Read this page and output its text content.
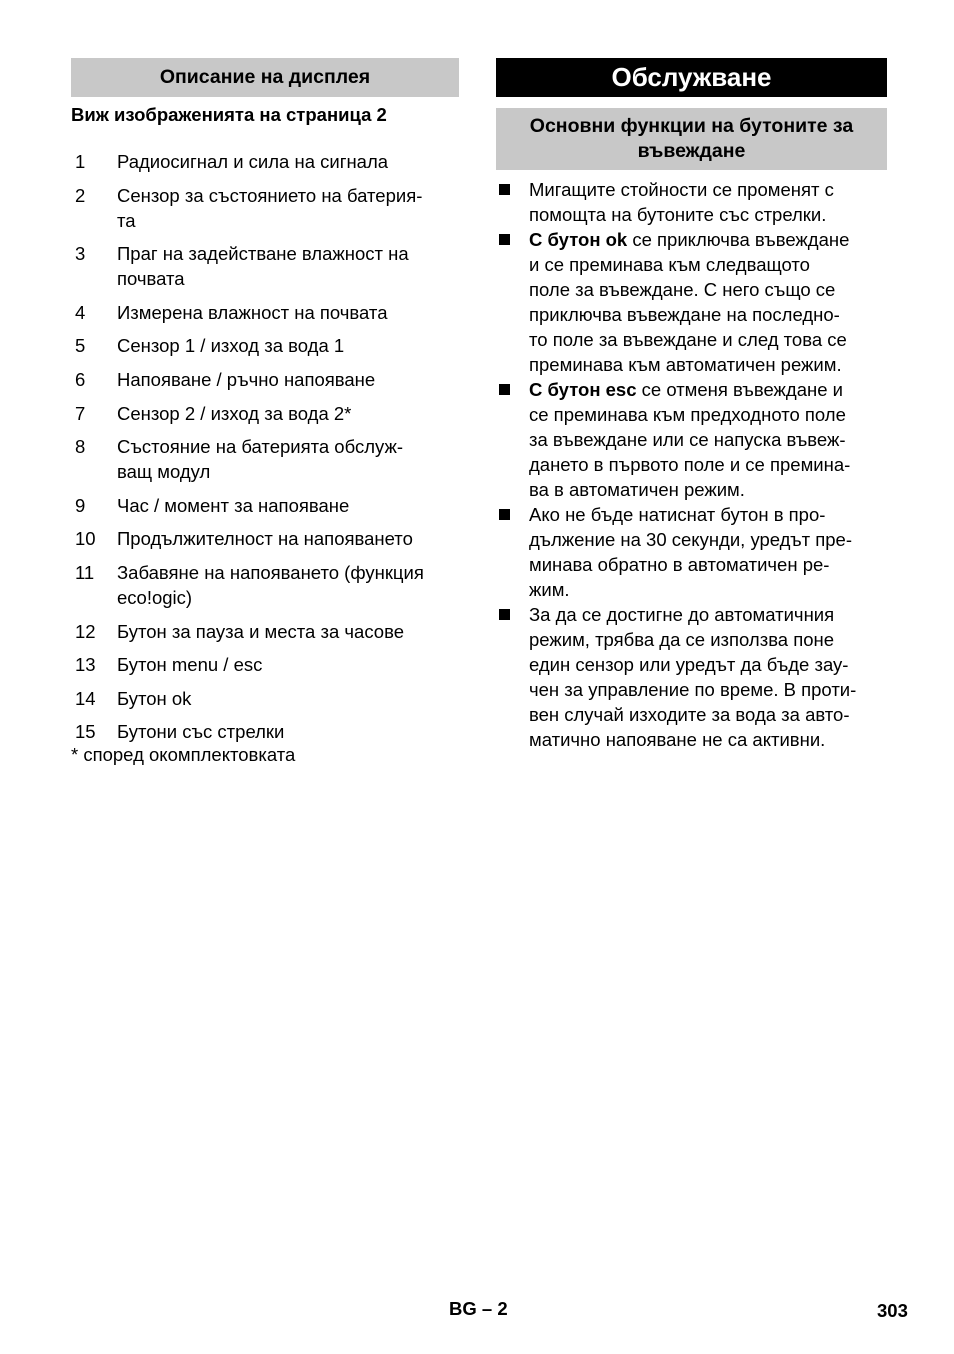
Описание на дисплея
Виж изображенията на страница 2
1	Радиосигнал и сила на сигнала
2	Сензор за състоянието на батерия-
та
3	Праг на задействане влажност на
почвата
4	Измерена влажност на почвата
5	Сензор 1 / изход за вода 1
6	Напояване / ръчно напояване
7	Сензор 2 / изход за вода 2*
8	Състояние на батерията обслуж-
ващ модул
9	Час / момент за напояване
10	Продължителност на напояването
11	Забавяне на напояването (функция
eco!ogic)
12	Бутон за пауза и места за часове
13	Бутон menu / esc
14	Бутон ok
15	Бутони със стрелки
* според окомплектовката
Обслужване
Основни функции на бутоните за
въвеждане
Мигащите стойности се променят с
помощта на бутоните със стрелки.
С бутон ok се приключва въвеждане
и се преминава към следващото
поле за въвеждане. С него също се
приключва въвеждане на последно-
то поле за въвеждане и след това се
преминава към автоматичен режим.
С бутон esc се отменя въвеждане и
се преминава към предходното поле
за въвеждане или се напуска въвеж-
дането в първото поле и се премина-
ва в автоматичен режим.
Ако не бъде натиснат бутон в про-
дължение на 30 секунди, уредът пре-
минава обратно в автоматичен ре-
жим.
За да се достигне до автоматичния
режим, трябва да се използва поне
един сензор или уредът да бъде зау-
чен за управление по време. В проти-
вен случай изходите за вода за авто-
матично напояване не са активни.
BG – 2	303
